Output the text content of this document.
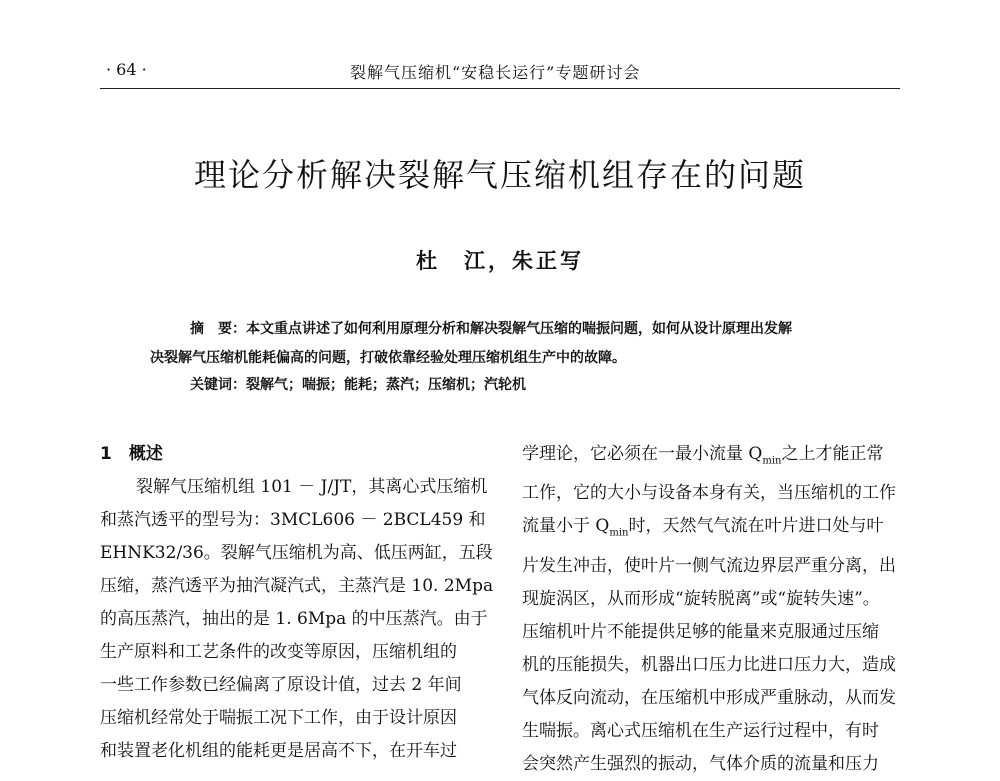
· 64 ·	裂解气压缩机“安稳长运行”专题研讨会
理论分析解决裂解气压缩机组存在的问题
杜　江，朱正写
摘　要：本文重点讲述了如何利用原理分析和解决裂解气压缩的喘振问题，如何从设计原理出发解
决裂解气压缩机能耗偏高的问题，打破依靠经验处理压缩机组生产中的故障。
关键词：裂解气；喘振；能耗；蒸汽；压缩机；汽轮机

1　概述

裂解气压缩机组 101 － J/JT，其离心式压缩机

和蒸汽透平的型号为：3MCL606 － 2BCL459 和

EHNK32/36。裂解气压缩机为高、低压两缸，五段

压缩，蒸汽透平为抽汽凝汽式，主蒸汽是 10. 2Mpa

的高压蒸汽，抽出的是 1. 6Mpa 的中压蒸汽。由于

生产原料和工艺条件的改变等原因，压缩机组的

一些工作参数已经偏离了原设计值，过去 2 年间

压缩机经常处于喘振工况下工作，由于设计原因

和装置老化机组的能耗更是居高不下，在开车过

学理论，它必须在一最小流量 $Q_{min}$之上才能正常

工作，它的大小与设备本身有关，当压缩机的工作

流量小于 $Q_{min}$时，天然气气流在叶片进口处与叶

片发生冲击，使叶片一侧气流边界层严重分离，出

现旋涡区，从而形成“旋转脱离”或“旋转失速”。

压缩机叶片不能提供足够的能量来克服通过压缩

机的压能损失，机器出口压力比进口压力大，造成

气体反向流动，在压缩机中形成严重脉动，从而发

生喘振。离心式压缩机在生产运行过程中，有时

会突然产生强烈的振动，气体介质的流量和压力
